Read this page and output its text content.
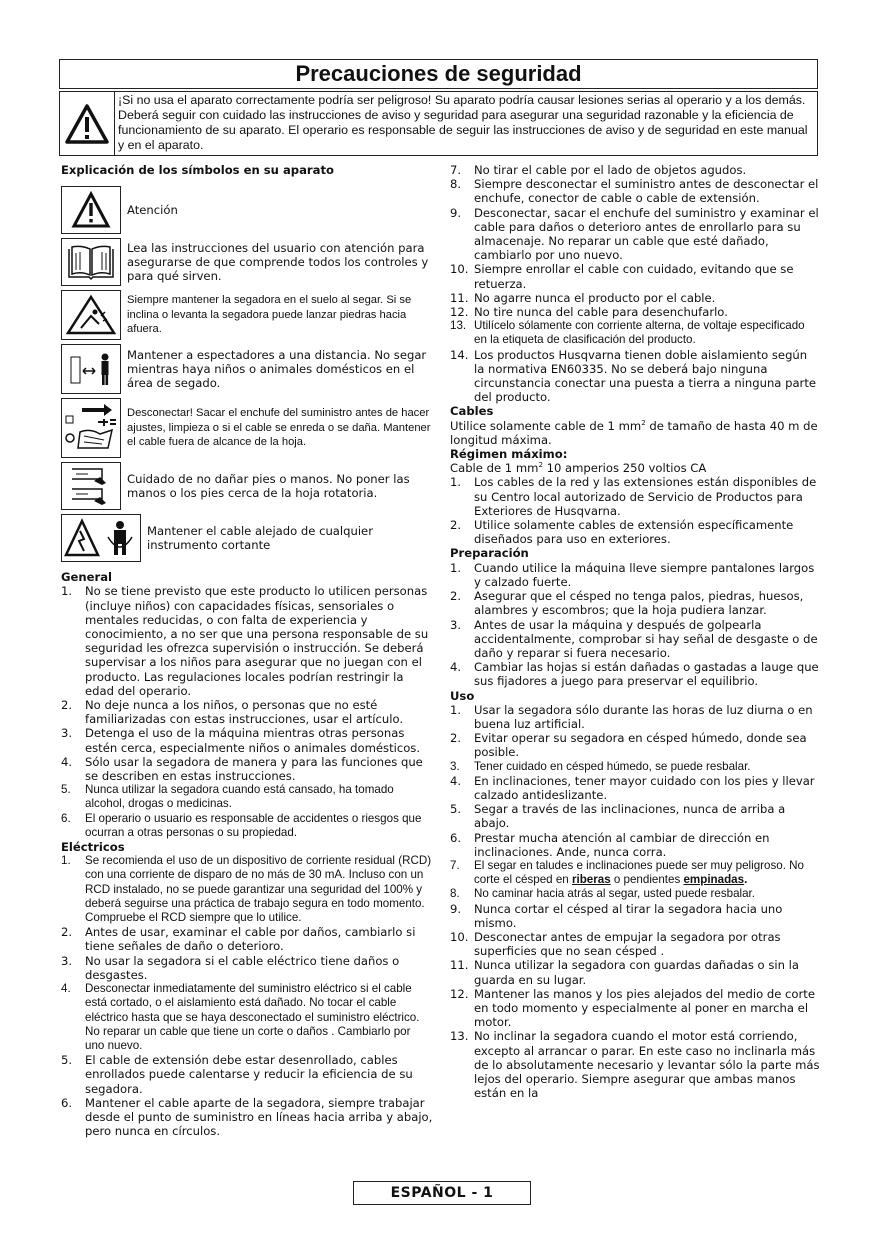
Precauciones de seguridad
¡Si no usa el aparato correctamente podría ser peligroso! Su aparato podría causar lesiones serias al operario y a los demás. Deberá seguir con cuidado las instrucciones de aviso y seguridad para asegurar una seguridad razonable y la eficiencia de funcionamiento de su aparato. El operario es responsable de seguir las instrucciones de aviso y de seguridad en este manual y en el aparato.
Explicación de los símbolos en su aparato
Atención
Lea las instrucciones del usuario con atención para asegurarse de que comprende todos los controles y para qué sirven.
Siempre mantener la segadora en el suelo al segar. Si se inclina o levanta la segadora puede lanzar piedras hacia afuera.
Mantener a espectadores a una distancia. No segar mientras haya niños o animales domésticos en el área de segado.
Desconectar! Sacar el enchufe del suministro antes de hacer ajustes, limpieza o si el cable se enreda o se daña. Mantener el cable fuera de alcance de la hoja.
Cuidado de no dañar pies o manos. No poner las manos o los pies cerca de la hoja rotatoria.
Mantener el cable alejado de cualquier instrumento cortante
General
1.	No se tiene previsto que este producto lo utilicen personas (incluye niños) con capacidades físicas, sensoriales o mentales reducidas, o con falta de experiencia y conocimiento, a no ser que una persona responsable de su seguridad les ofrezca supervisión o instrucción. Se deberá supervisar a los niños para asegurar que no juegan con el producto. Las regulaciones locales podrían restringir la edad del operario.
2.	No deje nunca a los niños, o personas que no esté familiarizadas con estas instrucciones, usar el artículo.
3.	Detenga el uso de la máquina mientras otras personas estén cerca, especialmente niños o animales domésticos.
4.	Sólo usar la segadora de manera y para las funciones que se describen en estas instrucciones.
5.	Nunca utilizar la segadora cuando está cansado, ha tomado alcohol, drogas o medicinas.
6.	El operario o usuario es responsable de accidentes o riesgos que ocurran a otras personas o su propiedad.
Eléctricos
1.	Se recomienda el uso de un dispositivo de corriente residual (RCD) con una corriente de disparo de no más de 30 mA. Incluso con un RCD instalado, no se puede garantizar una seguridad del 100% y deberá seguirse una práctica de trabajo segura en todo momento. Compruebe el RCD siempre que lo utilice.
2.	Antes de usar, examinar el cable por daños, cambiarlo si tiene señales de daño o deterioro.
3.	No usar la segadora si el cable eléctrico tiene daños o desgastes.
4.	Desconectar inmediatamente del suministro eléctrico si el cable está cortado, o el aislamiento está dañado. No tocar el cable eléctrico hasta que se haya desconectado el suministro eléctrico. No reparar un cable que tiene un corte o daños . Cambiarlo por uno nuevo.
5.	El cable de extensión debe estar desenrollado, cables enrollados puede calentarse y reducir la eficiencia de su segadora.
6.	Mantener el cable aparte de la segadora, siempre trabajar desde el punto de suministro en líneas hacia arriba y abajo, pero nunca en círculos.
7.	No tirar el cable por el lado de objetos agudos.
8.	Siempre desconectar el suministro antes de desconectar el enchufe, conector de cable o cable de extensión.
9.	Desconectar, sacar el enchufe del suministro y examinar el cable para daños o deterioro antes de enrollarlo para su almacenaje. No reparar un cable que esté dañado, cambiarlo por uno nuevo.
10. Siempre enrollar el cable con cuidado, evitando que se retuerza.
11. No agarre nunca el producto por el cable.
12. No tire nunca del cable para desenchufarlo.
13. Utilícelo sólamente con corriente alterna, de voltaje especificado en la etiqueta de clasificación del producto.
14. Los productos Husqvarna tienen doble aislamiento según la normativa EN60335. No se deberá bajo ninguna circunstancia conectar una puesta a tierra a ninguna parte del producto.
Cables
Utilice solamente cable de 1 $mm^2$ de tamaño de hasta 40 m de longitud máxima.
Régimen máximo:
Cable de 1 $mm^2$ 10 amperios 250 voltios CA
1.	Los cables de la red y las extensiones están disponibles de su Centro local autorizado de Servicio de Productos para Exteriores de Husqvarna.
2.	Utilice solamente cables de extensión específicamente diseñados para uso en exteriores.
Preparación
1.	Cuando utilice la máquina lleve siempre pantalones largos y calzado fuerte.
2.	Asegurar que el césped no tenga palos, piedras, huesos, alambres y escombros; que la hoja pudiera lanzar.
3.	Antes de usar la máquina y después de golpearla accidentalmente, comprobar si hay señal de desgaste o de daño y reparar si fuera necesario.
4.	Cambiar las hojas si están dañadas o gastadas a lauge que sus fijadores a juego para preservar el equilibrio.
Uso
1.	Usar la segadora sólo durante las horas de luz diurna o en buena luz artificial.
2.	Evitar operar su segadora en césped húmedo, donde sea posible.
3.	Tener cuidado en césped húmedo, se puede resbalar.
4.	En inclinaciones, tener mayor cuidado con los pies y llevar calzado antideslizante.
5.	Segar a través de las inclinaciones, nunca de arriba a abajo.
6.	Prestar mucha atención al cambiar de dirección en inclinaciones. Ande, nunca corra.
7.	El segar en taludes e inclinaciones puede ser muy peligroso. No corte el césped en riberas o pendientes empinadas.
8.	No caminar hacia atrás al segar, usted puede resbalar.
9.	Nunca cortar el césped al tirar la segadora hacia uno mismo.
10. Desconectar antes de empujar la segadora por otras superficies que no sean césped .
11. Nunca utilizar la segadora con guardas dañadas o sin la guarda en su lugar.
12. Mantener las manos y los pies alejados del medio de corte en todo momento y especialmente al poner en marcha el motor.
13. No inclinar la segadora cuando el motor está corriendo, excepto al arrancar o parar. En este caso no inclinarla más de lo absolutamente necesario y levantar sólo la parte más lejos del operario. Siempre asegurar que ambas manos están en la
ESPAÑOL - 1
